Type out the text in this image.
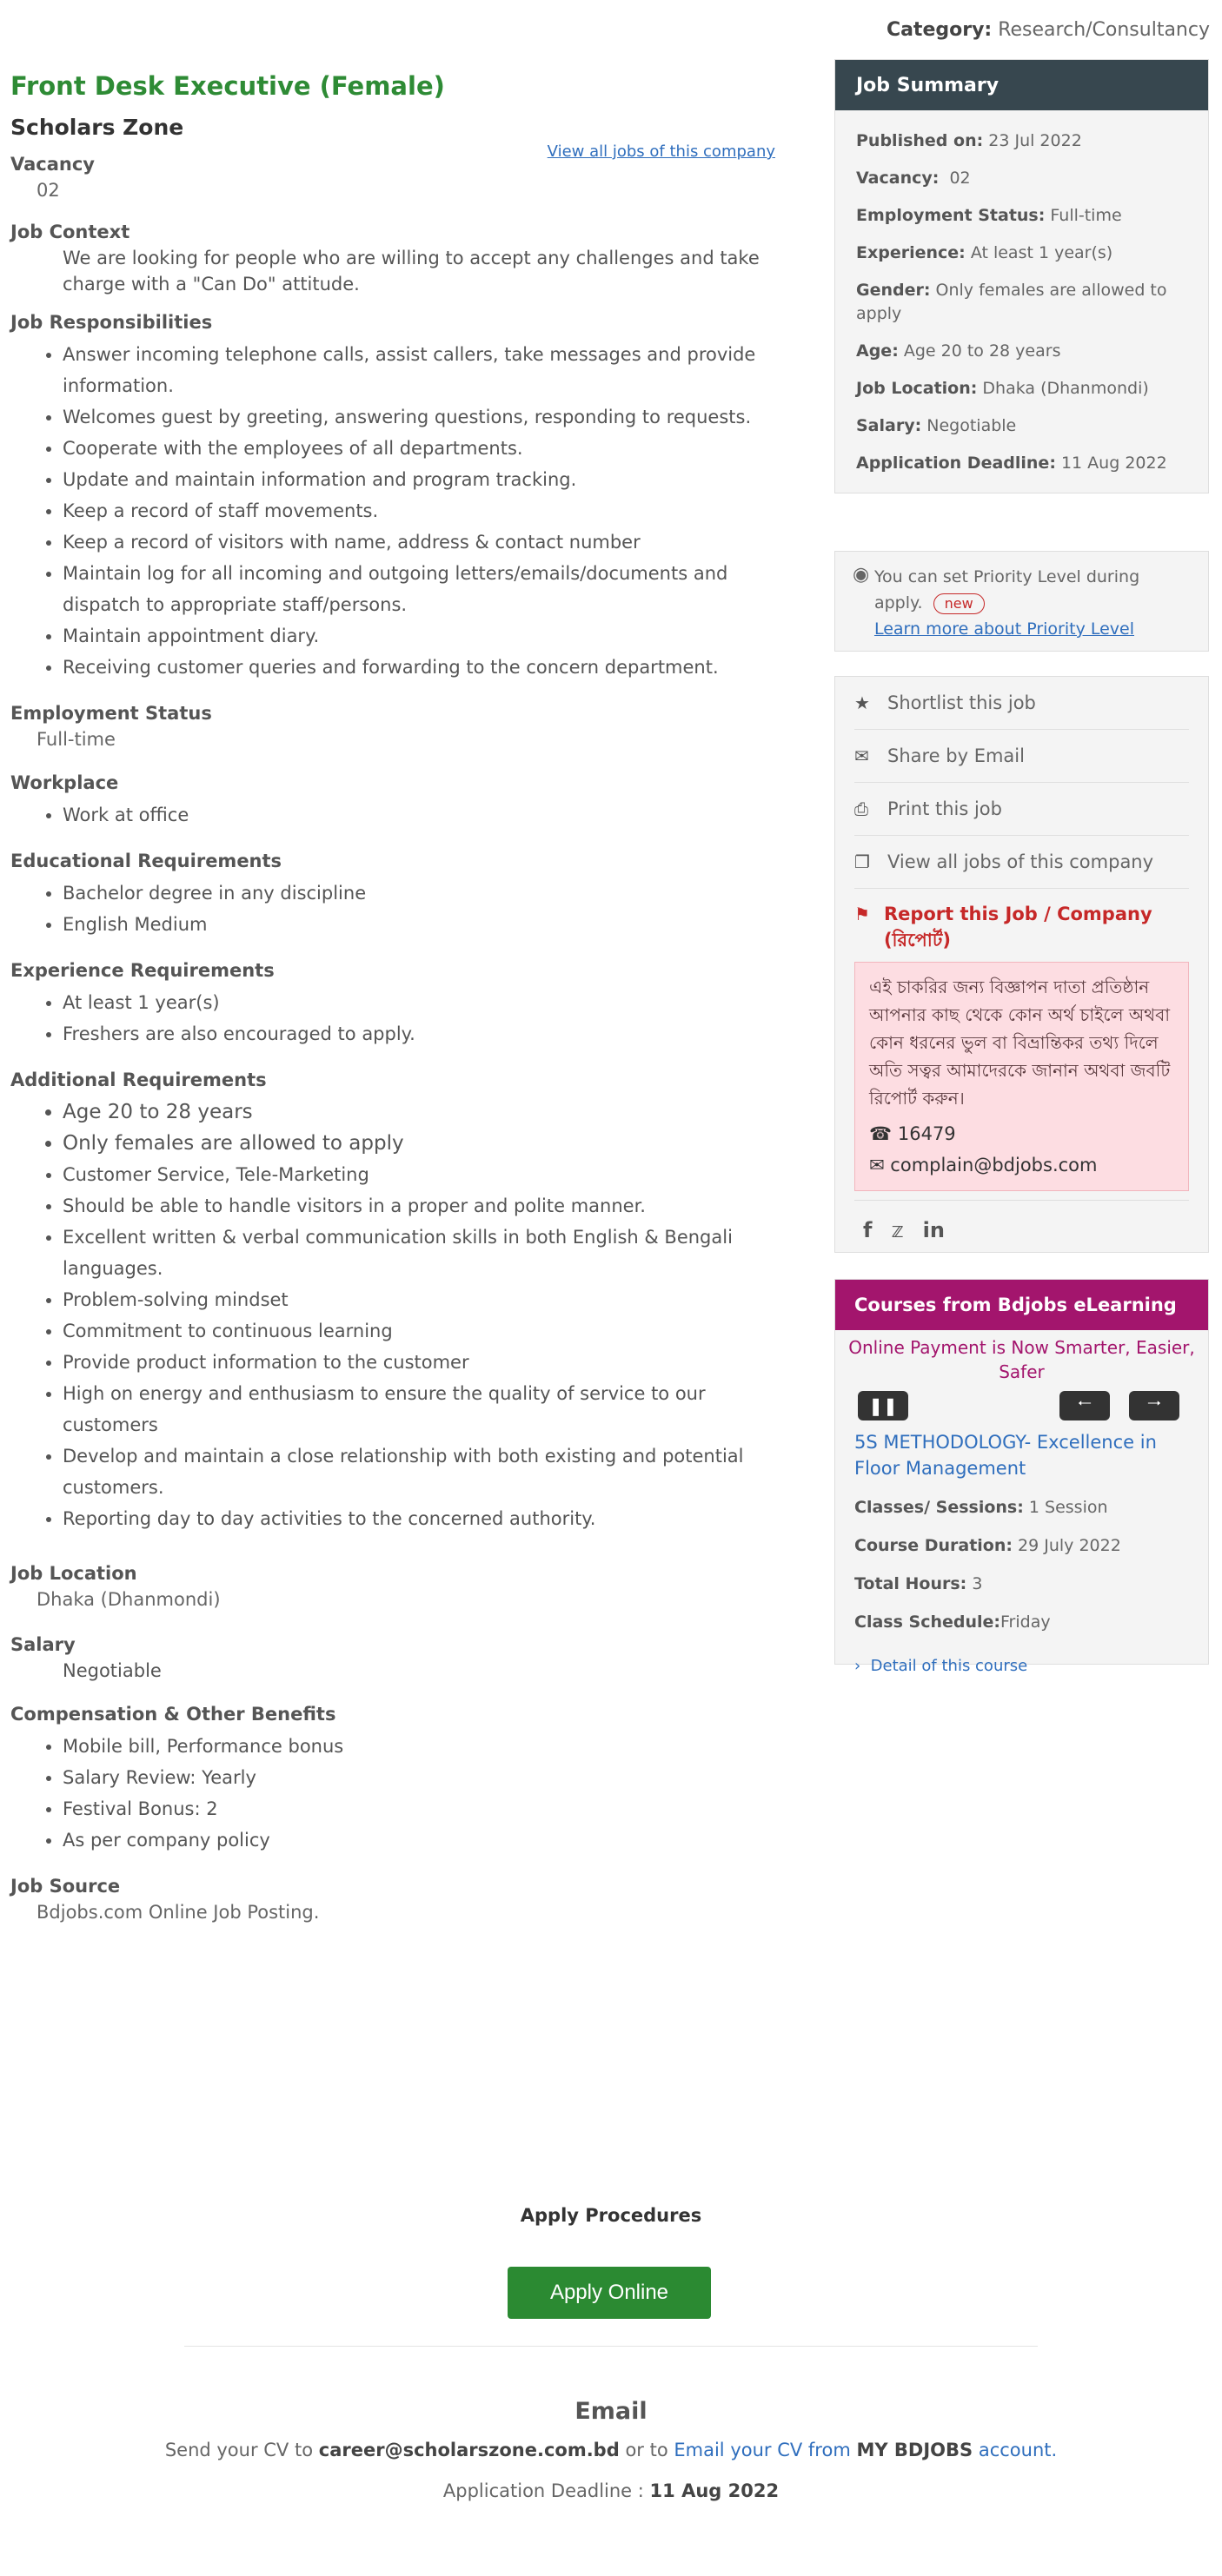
Category: Research/Consultancy
Front Desk Executive (Female)
Scholars Zone
View all jobs of this company
Vacancy
02
Job Context
We are looking for people who are willing to accept any challenges and take
charge with a "Can Do" attitude.
Job Responsibilities
• Answer incoming telephone calls, assist callers, take messages and provide information.
• Welcomes guest by greeting, answering questions, responding to requests.
• Cooperate with the employees of all departments.
• Update and maintain information and program tracking.
• Keep a record of staff movements.
• Keep a record of visitors with name, address & contact number
• Maintain log for all incoming and outgoing letters/emails/documents and dispatch to appropriate staff/persons.
• Maintain appointment diary.
• Receiving customer queries and forwarding to the concern department.
Employment Status
Full-time
Workplace
• Work at office
Educational Requirements
• Bachelor degree in any discipline
• English Medium
Experience Requirements
• At least 1 year(s)
• Freshers are also encouraged to apply.
Additional Requirements
• Age 20 to 28 years
• Only females are allowed to apply
• Customer Service, Tele-Marketing
• Should be able to handle visitors in a proper and polite manner.
• Excellent written & verbal communication skills in both English & Bengali languages.
• Problem-solving mindset
• Commitment to continuous learning
• Provide product information to the customer
• High on energy and enthusiasm to ensure the quality of service to our customers
• Develop and maintain a close relationship with both existing and potential customers.
• Reporting day to day activities to the concerned authority.
Job Location
Dhaka (Dhanmondi)
Salary
Negotiable
Compensation & Other Benefits
• Mobile bill, Performance bonus
• Salary Review: Yearly
• Festival Bonus: 2
• As per company policy
Job Source
Bdjobs.com Online Job Posting.
Apply Procedures
Apply Online
Email
Send your CV to career@scholarszone.com.bd or to Email your CV from MY BDJOBS account.
Application Deadline : 11 Aug 2022
Job Summary

Published on: 23 Jul 2022

Vacancy: 02

Employment Status: Full-time

Experience: At least 1 year(s)

Gender: Only females are allowed to apply

Age: Age 20 to 28 years

Job Location: Dhaka (Dhanmondi)

Salary: Negotiable

Application Deadline: 11 Aug 2022

◉ You can set Priority Level during apply. new
Learn more about Priority Level
★ Shortlist this job
✉	Share by Email
⎙	Print this job
❐ View all jobs of this company
⚑ Report this Job / Company (রিপোর্ট)
এই চাকরির জন্য বিজ্ঞাপন দাতা প্রতিষ্ঠান আপনার কাছ থেকে কোন অর্থ চাইলে অথবা কোন ধরনের ভুল বা বিভ্রান্তিকর তথ্য দিলে অতি সত্বর আমাদেরকে জানান অথবা জবটি রিপোর্ট করুন।
☎ 16479
✉ complain@bdjobs.com
f 𝕫 in
Courses from Bdjobs eLearning
Online Payment is Now Smarter, Easier, Safer
❚❚	🠀	🠂
5S METHODOLOGY- Excellence in Floor Management

Classes/ Sessions: 1 Session

Course Duration: 29 July 2022

Total Hours: 3

Class Schedule:Friday

› Detail of this course
